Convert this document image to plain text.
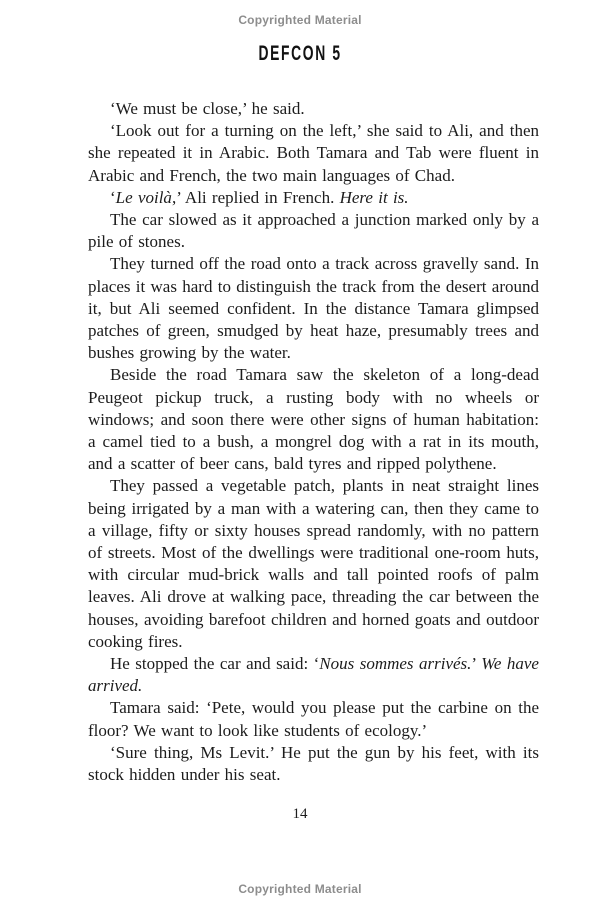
Copyrighted Material
DEFCON 5

‘We must be close,’ he said.

‘Look out for a turning on the left,’ she said to Ali, and then she repeated it in Arabic. Both Tamara and Tab were fluent in Arabic and French, the two main languages of Chad.

‘Le voilà,’ Ali replied in French. Here it is.

The car slowed as it approached a junction marked only by a pile of stones.

They turned off the road onto a track across gravelly sand. In places it was hard to distinguish the track from the desert around it, but Ali seemed confident. In the distance Tamara glimpsed patches of green, smudged by heat haze, presumably trees and bushes growing by the water.

Beside the road Tamara saw the skeleton of a long-dead Peugeot pickup truck, a rusting body with no wheels or windows; and soon there were other signs of human habitation: a camel tied to a bush, a mongrel dog with a rat in its mouth, and a scatter of beer cans, bald tyres and ripped polythene.

They passed a vegetable patch, plants in neat straight lines being irrigated by a man with a watering can, then they came to a village, fifty or sixty houses spread randomly, with no pattern of streets. Most of the dwellings were traditional one-room huts, with circular mud-brick walls and tall pointed roofs of palm leaves. Ali drove at walking pace, threading the car between the houses, avoiding barefoot children and horned goats and outdoor cooking fires.

He stopped the car and said: ‘Nous sommes arrivés.’ We have arrived.

Tamara said: ‘Pete, would you please put the carbine on the floor? We want to look like students of ecology.’

‘Sure thing, Ms Levit.’ He put the gun by his feet, with its stock hidden under his seat.

14
Copyrighted Material
